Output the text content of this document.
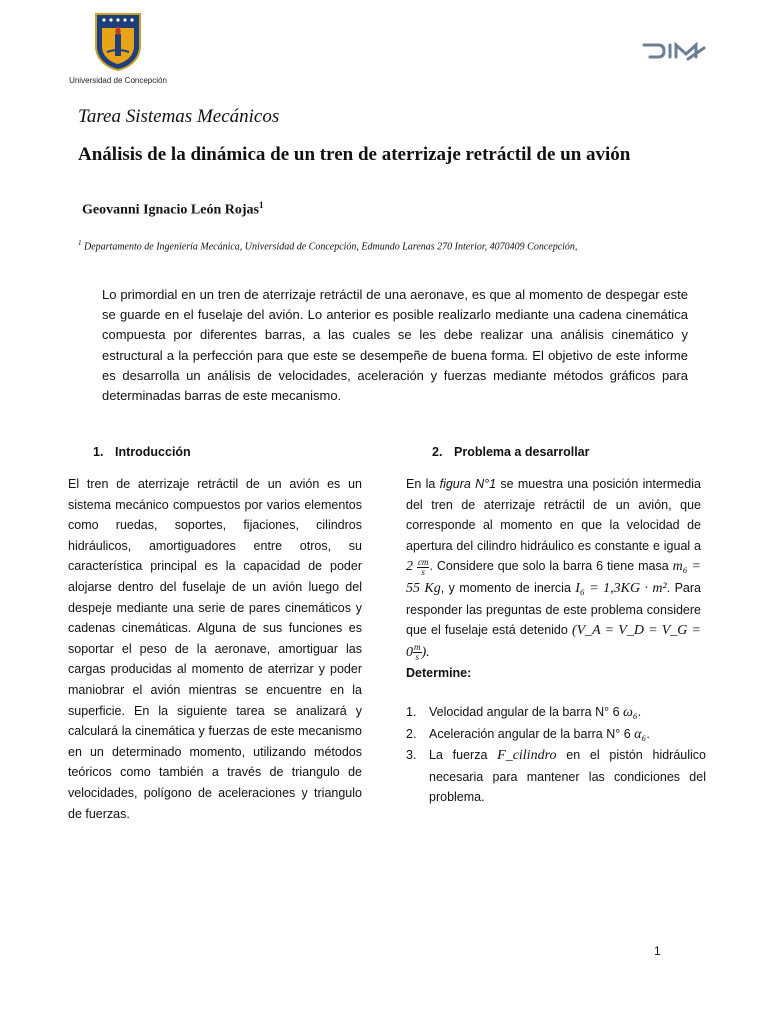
Universidad de Concepción
Tarea Sistemas Mecánicos
Análisis de la dinámica de un tren de aterrizaje retráctil de un avión
Geovanni Ignacio León Rojas$^1$
$^1$ Departamento de Ingeniería Mecánica, Universidad de Concepción, Edmundo Larenas 270 Interior, 4070409 Concepción,
Lo primordial en un tren de aterrizaje retráctil de una aeronave, es que al momento de despegar este se guarde en el fuselaje del avión. Lo anterior es posible realizarlo mediante una cadena cinemática compuesta por diferentes barras, a las cuales se les debe realizar una análisis cinemático y estructural a la perfección para que este se desempeñe de buena forma. El objetivo de este informe es desarrolla un análisis de velocidades, aceleración y fuerzas mediante métodos gráficos para determinadas barras de este mecanismo.
1. Introducción	2. Problema a desarrollar
El tren de aterrizaje retráctil de un avión es un sistema mecánico compuestos por varios elementos como ruedas, soportes, fijaciones, cilindros hidráulicos, amortiguadores entre otros, su característica principal es la capacidad de poder alojarse dentro del fuselaje de un avión luego del despeje mediante una serie de pares cinemáticos y cadenas cinemáticas. Alguna de sus funciones es soportar el peso de la aeronave, amortiguar las cargas producidas al momento de aterrizar y poder maniobrar el avión mientras se encuentre en la superficie. En la siguiente tarea se analizará y calculará la cinemática y fuerzas de este mecanismo en un determinado momento, utilizando métodos teóricos como también a través de triangulo de velocidades, polígono de aceleraciones y triangulo de fuerzas.
En la figura N°1 se muestra una posición intermedia del tren de aterrizaje retráctil de un avión, que corresponde al momento en que la velocidad de apertura del cilindro hidráulico es constante e igual a $2 \frac{cm}{s}$ . Considere que solo la barra 6 tiene masa m₆ = 55 Kg, y momento de inercia I₆ = 1,3KG · m². Para responder las preguntas de este problema considere que el fuselaje está detenido (V_A = V_D = V_G = $0 \frac{m}{s}$ ).
Determine:
1. Velocidad angular de la barra N° 6 ω₆.
2. Aceleración angular de la barra N° 6 α₆.
3. La fuerza F_cilindro en el pistón hidráulico necesaria para mantener las condiciones del problema.
1
